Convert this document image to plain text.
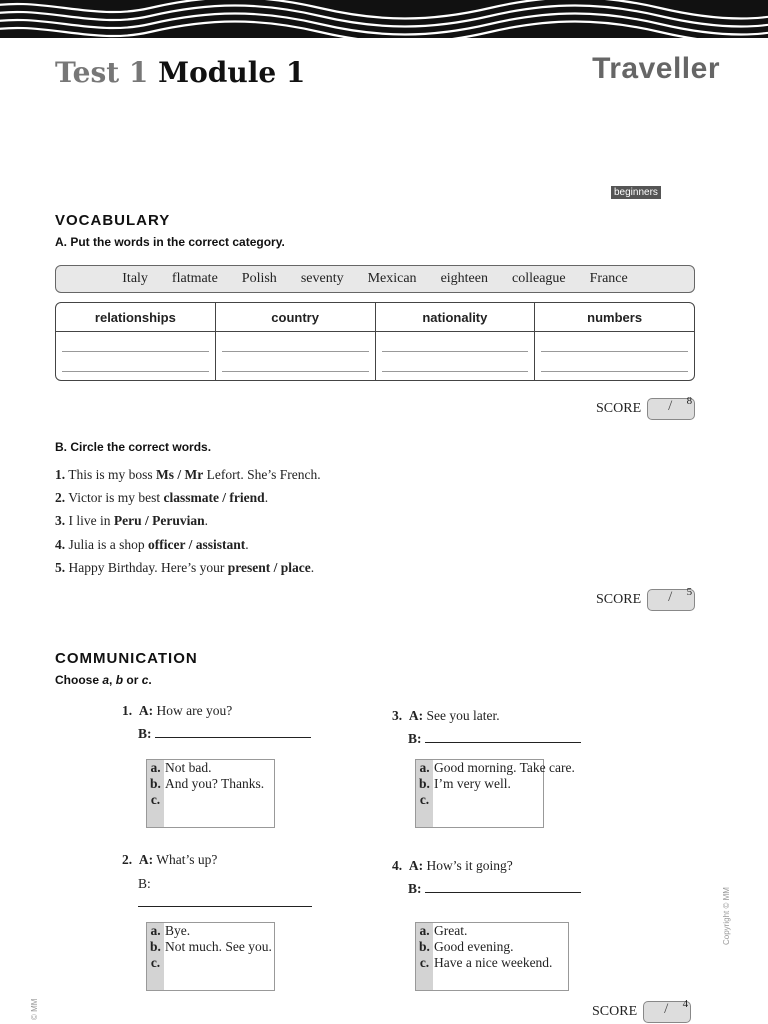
Test 1 Module 1	Traveller
beginners
VOCABULARY
A. Put the words in the correct category.
Italy flatmate Polish seventy Mexican eighteen colleague France
relationships	country	nationality	numbers
SCORE / 8
B. Circle the correct words.
1. This is my boss Ms / Mr Lefort. She’s French.
2. Victor is my best classmate / friend.
3. I live in Peru / Peruvian.
4. Julia is a shop officer / assistant.
5. Happy Birthday. Here’s your present / place.
SCORE / 5
COMMUNICATION
Choose a, b or c.
1. A: How are you?
B:
a. Not bad.
b. And you? Thanks.
c.
2. A: What’s up?
B:
a. Bye.
b. Not much. See you.
c.
3. A: See you later.
B:
a. Good morning. Take care.
b. I’m very well.
c.
4. A: How’s it going?
B:
a. Great.
b. Good evening.
c. Have a nice weekend.
SCORE / 4
Copyright © MM
© MM
